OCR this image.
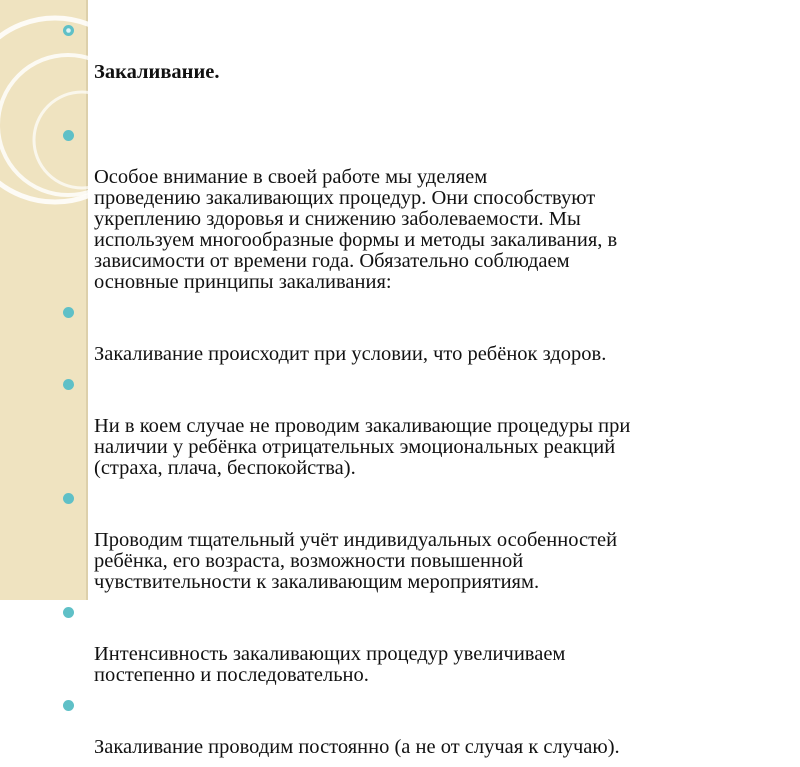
Закаливание.

Особое внимание в своей работе мы уделяем
проведению закаливающих процедур. Они способствуют
укреплению здоровья и снижению заболеваемости. Мы
используем многообразные формы и методы закаливания, в
зависимости от времени года. Обязательно соблюдаем
основные принципы закаливания:

Закаливание происходит при условии, что ребёнок здоров.

Ни в коем случае не проводим закаливающие процедуры при
наличии у ребёнка отрицательных эмоциональных реакций
(страха, плача, беспокойства).

Проводим тщательный учёт индивидуальных особенностей
ребёнка, его возраста, возможности повышенной
чувствительности к закаливающим мероприятиям.

Интенсивность закаливающих процедур увеличиваем
постепенно и последовательно.

Закаливание проводим постоянно (а не от случая к случаю).
